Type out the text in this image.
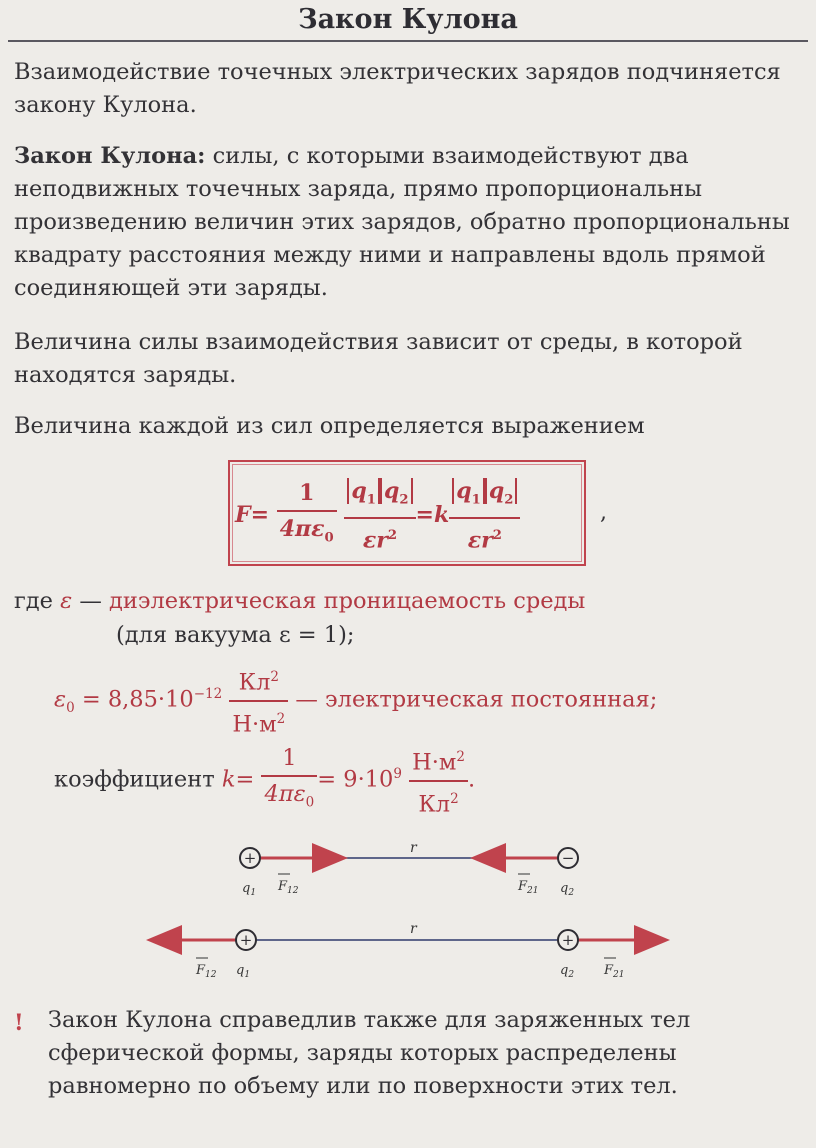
Закон Кулона
Взаимодействие точечных электрических зарядов подчиняется закону Кулона.
Закон Кулона: силы, с которыми взаимодействуют два неподвижных точечных заряда, прямо пропорциональны произведению величин этих зарядов, обратно пропорциональны квадрату расстояния между ними и направлены вдоль прямой соединяющей эти заряды.
Величина силы взаимодействия зависит от среды, в которой находятся заряды.
Величина каждой из сил определяется выражением
$F= \frac{1}{4\pi\varepsilon_0}$
$\frac{q_1 q_2}{\varepsilon r^2} =k \frac{q_1 q_2}{\varepsilon r^2}$	,
где ε — диэлектрическая проницаемость среды
(для вакуума ε = 1);
$\varepsilon_0 = 8,85\cdot 10^{-12} \frac{Кл^2}{Н\cdot м^2}$ — электрическая постоянная;
коэффициент $k= \frac{1}{4\pi\varepsilon_0} = 9\cdot 10^9 \frac{Н\cdot м^2}{Кл^2}$ .
r
+	−
$q_1$ $F_{12}$	$F_{21}$ $q_2$
r
+	+
$F_{12}$ $q_1$	$q_2$ $F_{21}$
! Закон Кулона справедлив также для заряженных тел сферической формы, заряды которых распределены равномерно по объему или по поверхности этих тел.
